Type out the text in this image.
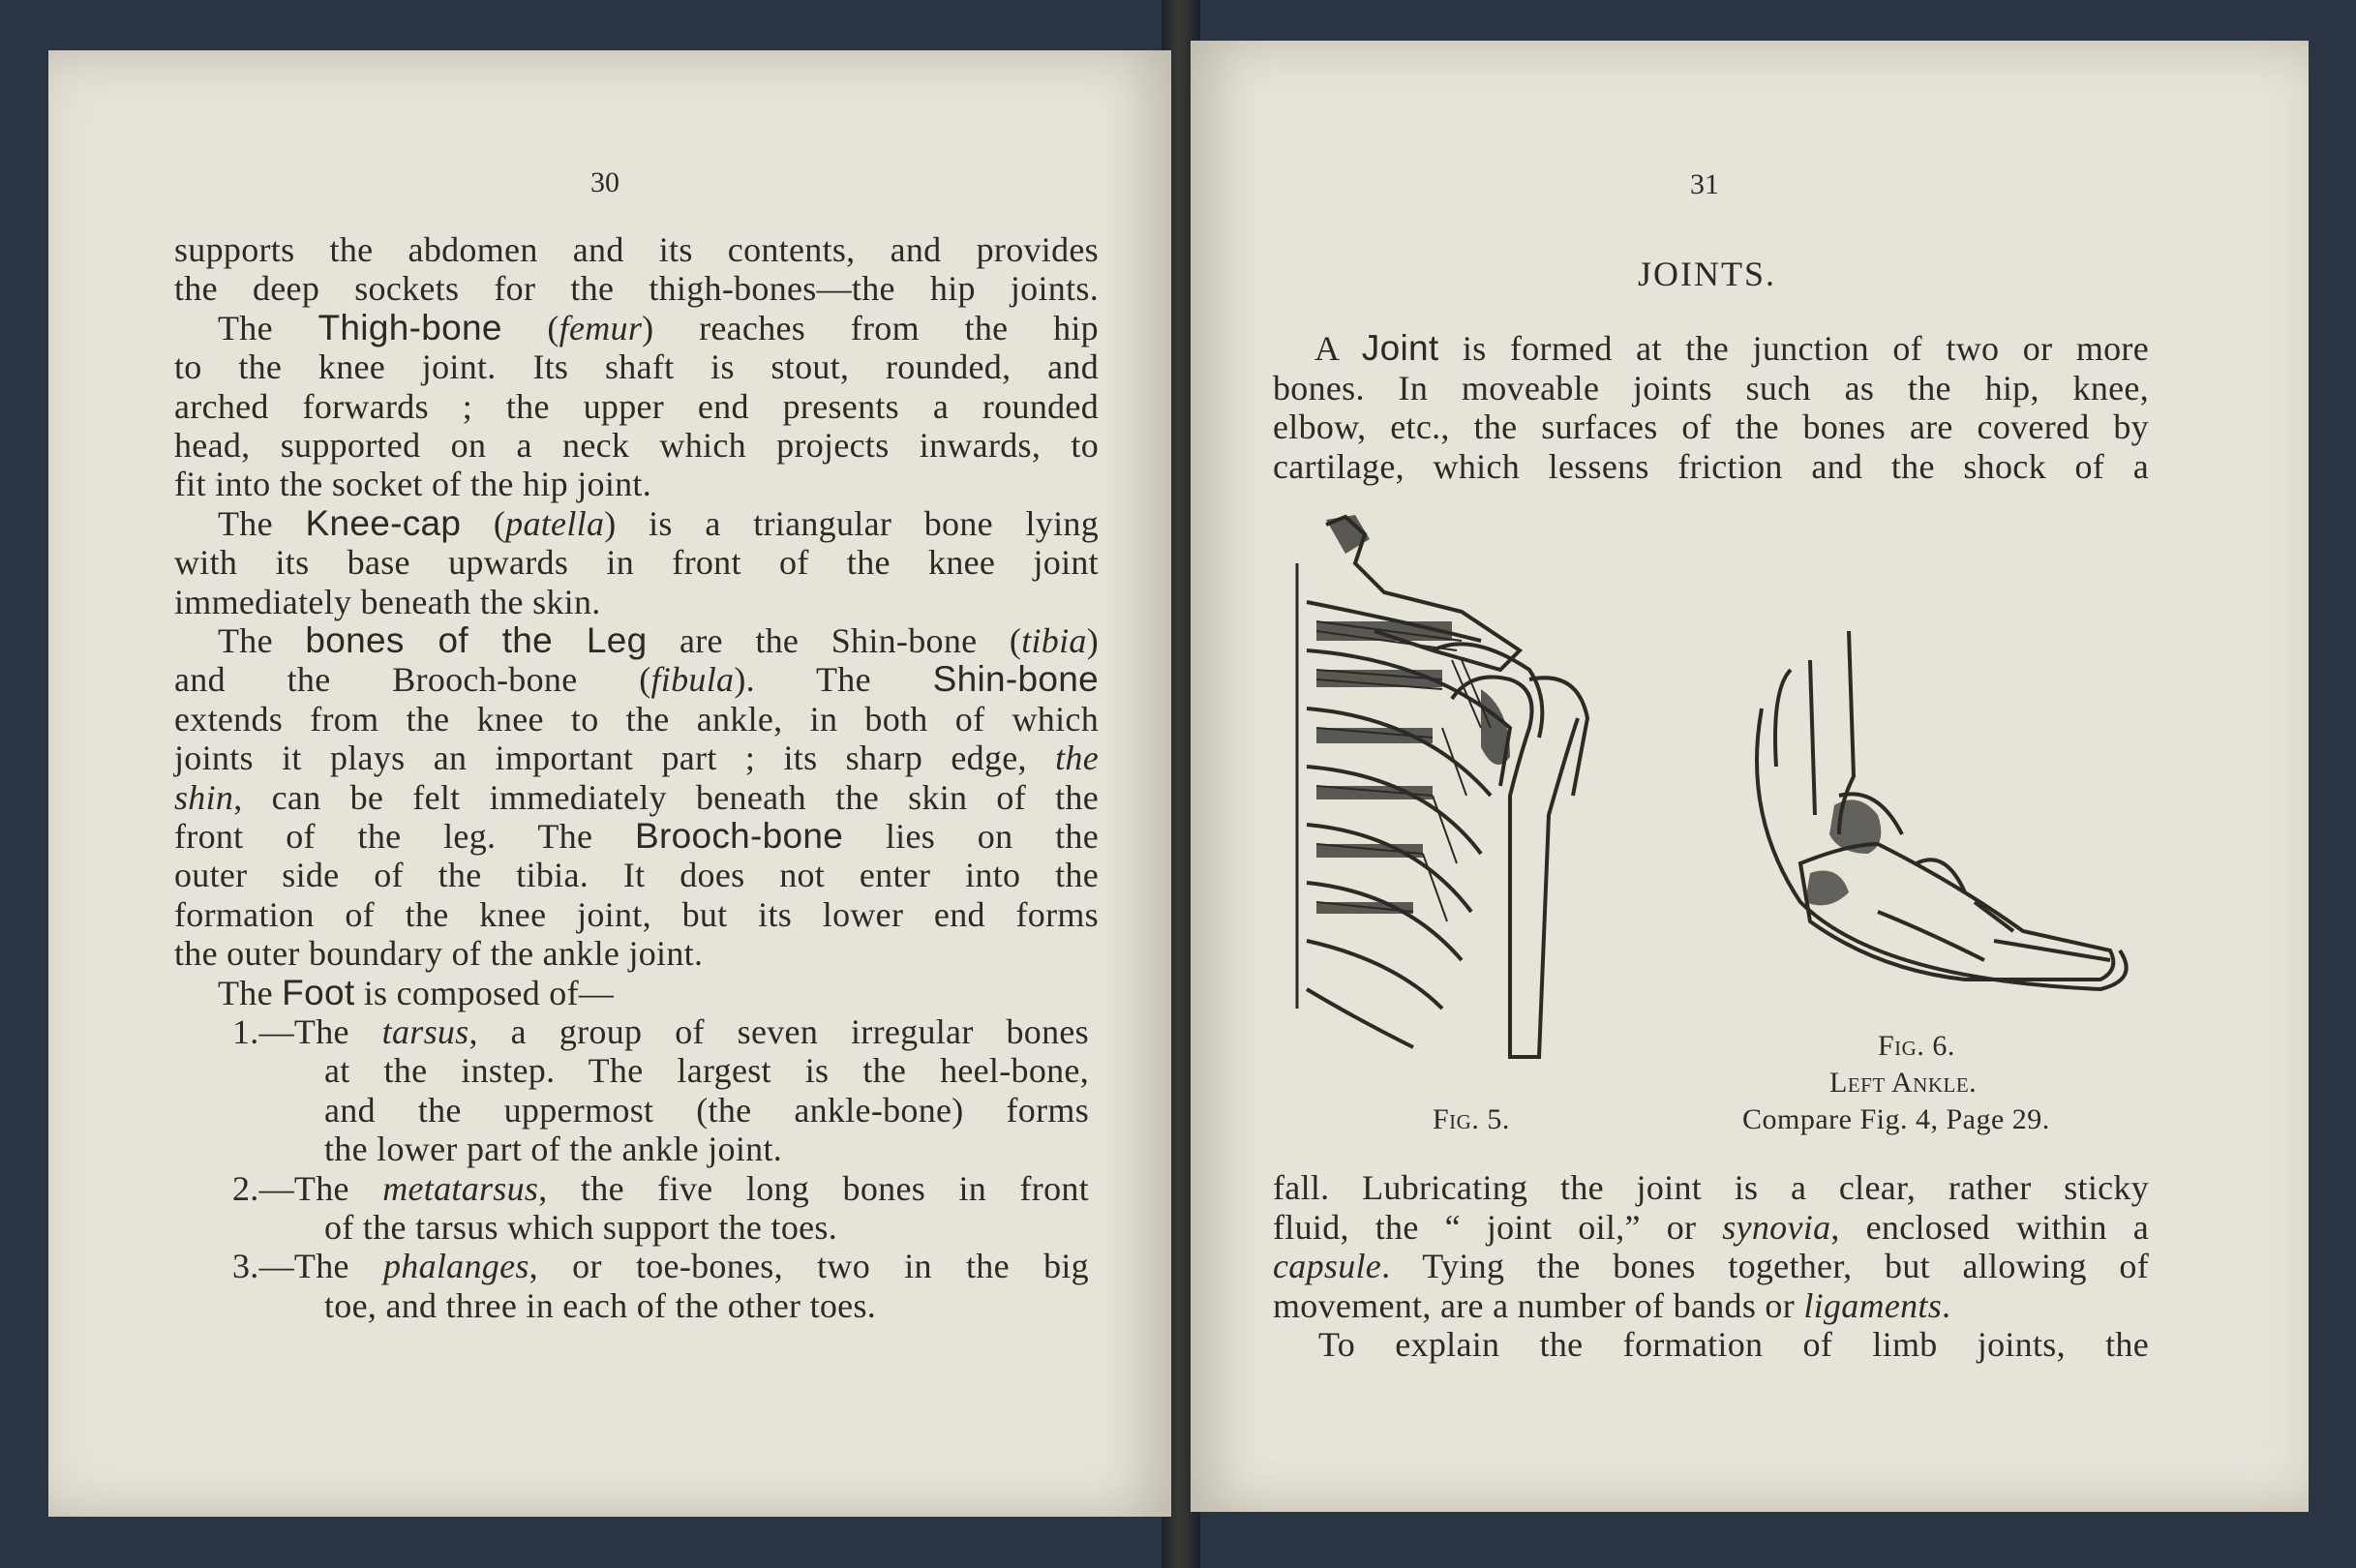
30
supports the abdomen and its contents, and provides
the deep sockets for the thigh-bones—the hip joints.
The Thigh-bone (femur) reaches from the hip
to the knee joint. Its shaft is stout, rounded, and
arched forwards ; the upper end presents a rounded
head, supported on a neck which projects inwards, to
fit into the socket of the hip joint.
The Knee-cap (patella) is a triangular bone lying
with its base upwards in front of the knee joint
immediately beneath the skin.
The bones of the Leg are the Shin-bone (tibia)
and the Brooch-bone (fibula). The Shin-bone
extends from the knee to the ankle, in both of which
joints it plays an important part ; its sharp edge, the
shin, can be felt immediately beneath the skin of the
front of the leg. The Brooch-bone lies on the
outer side of the tibia. It does not enter into the
formation of the knee joint, but its lower end forms
the outer boundary of the ankle joint.
The Foot is composed of—
1.—The tarsus, a group of seven irregular bones
at the instep. The largest is the heel-bone,
and the uppermost (the ankle-bone) forms
the lower part of the ankle joint.
2.—The metatarsus, the five long bones in front
of the tarsus which support the toes.
3.—The phalanges, or toe-bones, two in the big
toe, and three in each of the other toes.
31
JOINTS.
A Joint is formed at the junction of two or more
bones. In moveable joints such as the hip, knee,
elbow, etc., the surfaces of the bones are covered by
cartilage, which lessens friction and the shock of a
Fig. 5.
Fig. 6.
Left Ankle.
Compare Fig. 4, Page 29.
fall. Lubricating the joint is a clear, rather sticky
fluid, the “ joint oil,” or synovia, enclosed within a
capsule. Tying the bones together, but allowing of
movement, are a number of bands or ligaments.
To explain the formation of limb joints, the
